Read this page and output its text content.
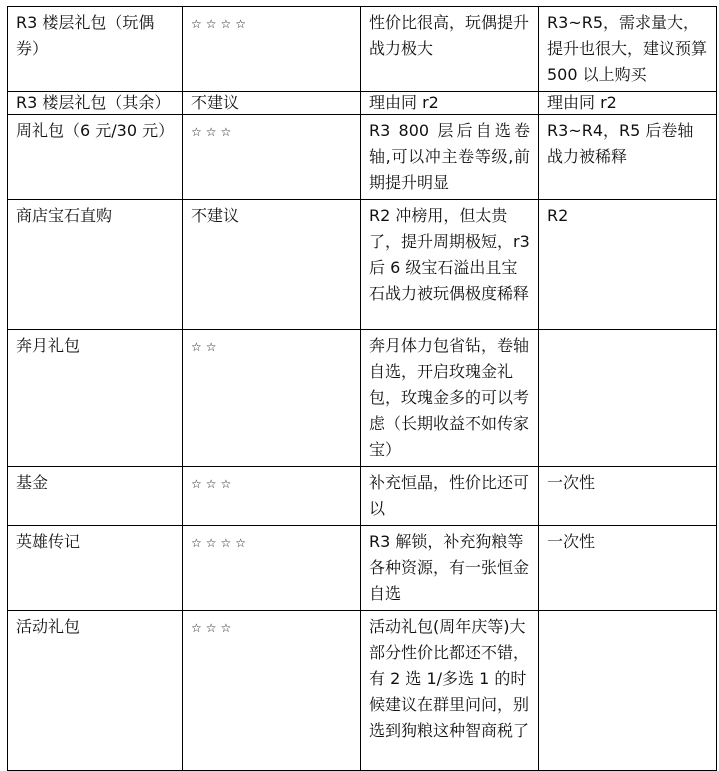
R3 楼层礼包（玩偶券）	☆☆☆☆	性价比很高，玩偶提升战力极大	R3~R5，需求量大，提升也很大，建议预算 500 以上购买
R3 楼层礼包（其余）	不建议	理由同 r2	理由同 r2
周礼包（6 元/30 元）	☆☆☆	R3 800 层后自选卷轴,可以冲主卷等级,前期提升明显	R3~R4，R5 后卷轴战力被稀释
商店宝石直购	不建议	R2 冲榜用，但太贵了，提升周期极短，r3 后 6 级宝石溢出且宝石战力被玩偶极度稀释	R2
奔月礼包	☆☆	奔月体力包省钻，卷轴自选，开启玫瑰金礼包，玫瑰金多的可以考虑（长期收益不如传家宝）	
基金	☆☆☆	补充恒晶，性价比还可以	一次性
英雄传记	☆☆☆☆	R3 解锁，补充狗粮等各种资源，有一张恒金自选	一次性
活动礼包	☆☆☆	活动礼包(周年庆等)大部分性价比都还不错，有 2 选 1/多选 1 的时候建议在群里问问，别选到狗粮这种智商税了	
